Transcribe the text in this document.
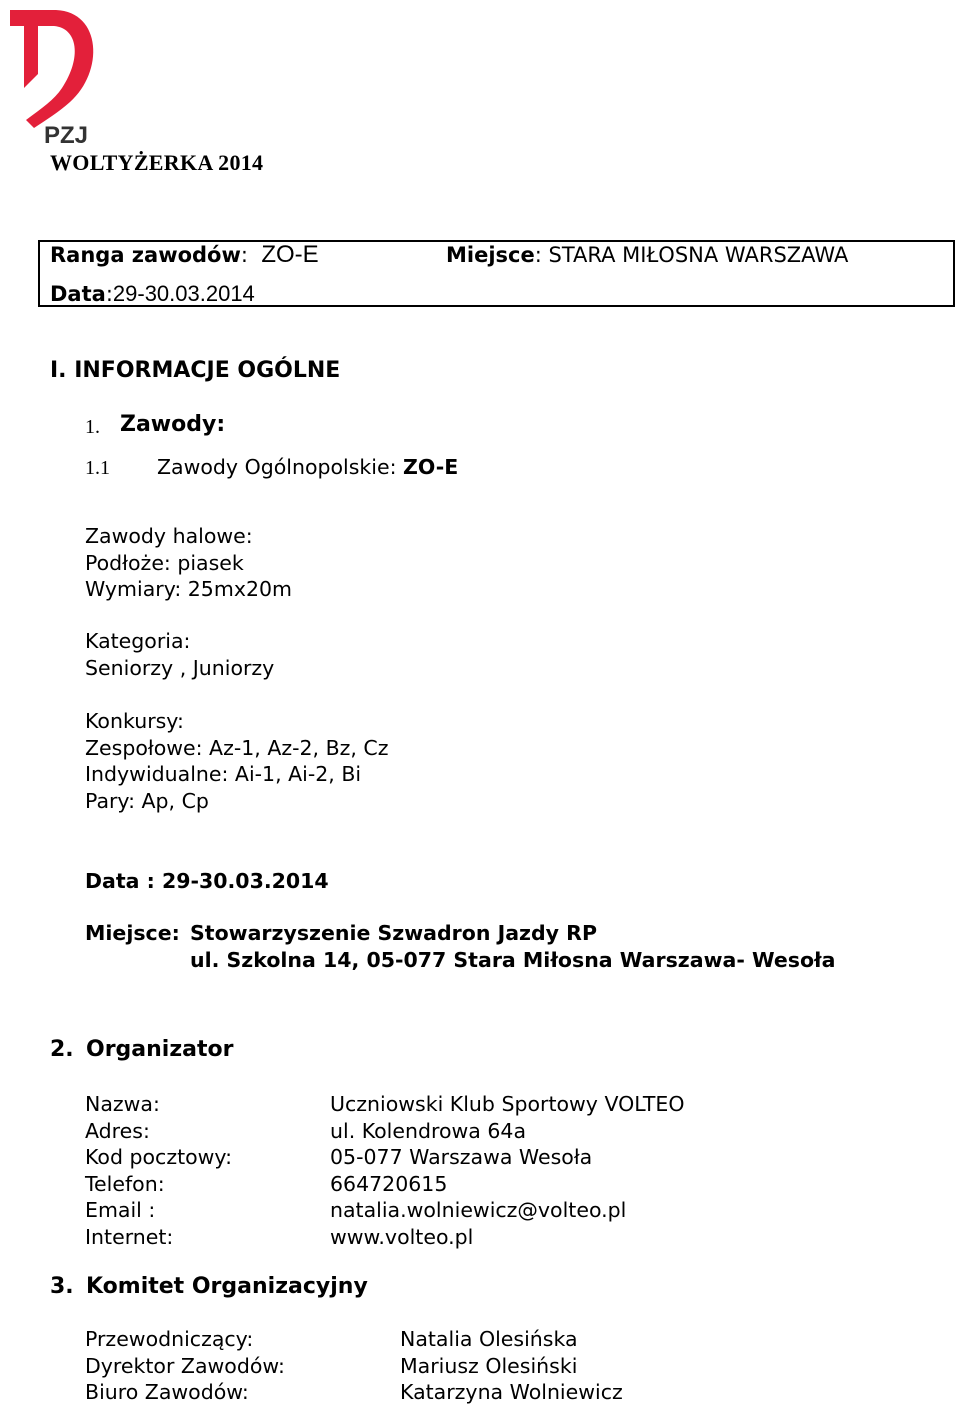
PZJ
WOLTYŻERKA 2014
Ranga zawodów: ZO-E	Miejsce: STARA MIŁOSNA WARSZAWA
Data:29-30.03.2014
I. INFORMACJE OGÓLNE
1. Zawody:
1.1 Zawody Ogólnopolskie: ZO-E
Zawody halowe:
Podłoże: piasek
Wymiary: 25mx20m
Kategoria:
Seniorzy , Juniorzy
Konkursy:
Zespołowe: Az-1, Az-2, Bz, Cz
Indywidualne: Ai-1, Ai-2, Bi
Pary: Ap, Cp
Data : 29-30.03.2014
Miejsce: Stowarzyszenie Szwadron Jazdy RP
ul. Szkolna 14, 05-077 Stara Miłosna Warszawa- Wesoła
2. Organizator
Nazwa:
Adres:
Kod pocztowy:
Telefon:
Email :
Internet:
Uczniowski Klub Sportowy VOLTEO
ul. Kolendrowa 64a
05-077 Warszawa Wesoła
664720615
natalia.wolniewicz@volteo.pl
www.volteo.pl
3. Komitet Organizacyjny
Przewodniczący:
Dyrektor Zawodów:
Biuro Zawodów:
Natalia Olesińska
Mariusz Olesiński
Katarzyna Wolniewicz
